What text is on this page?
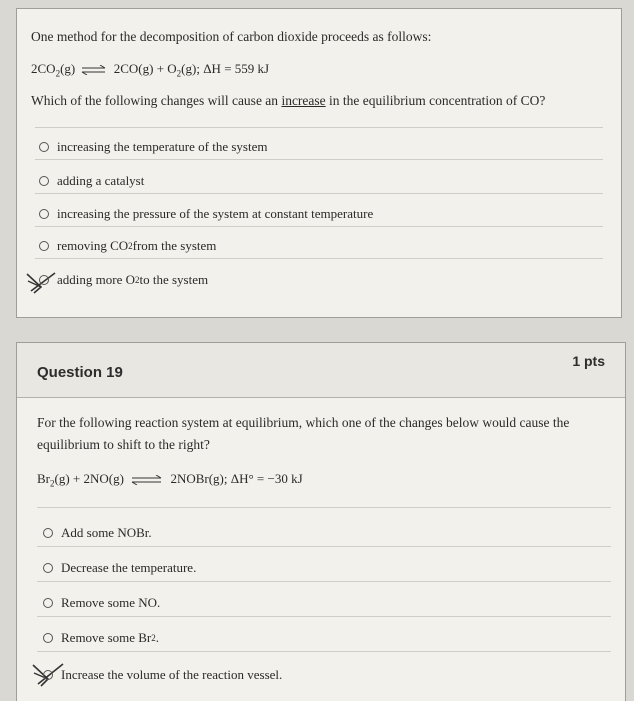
One method for the decomposition of carbon dioxide proceeds as follows:
$2CO_2(g)$ ⇌ $2CO(g) + O_2(g)$; ΔH = 559 kJ
Which of the following changes will cause an increase in the equilibrium concentration of CO?
increasing the temperature of the system
adding a catalyst
increasing the pressure of the system at constant temperature
removing CO 2 from the system
adding more O 2 to the system
Question 19
1 pts
For the following reaction system at equilibrium, which one of the changes below would cause the
equilibrium to shift to the right?
$Br_2(g) + 2NO(g)$ ⇌ 2NOBr(g); ΔH° = −30 kJ
Add some NOBr.
Decrease the temperature.
Remove some NO.
Remove some Br 2 .
Increase the volume of the reaction vessel.
